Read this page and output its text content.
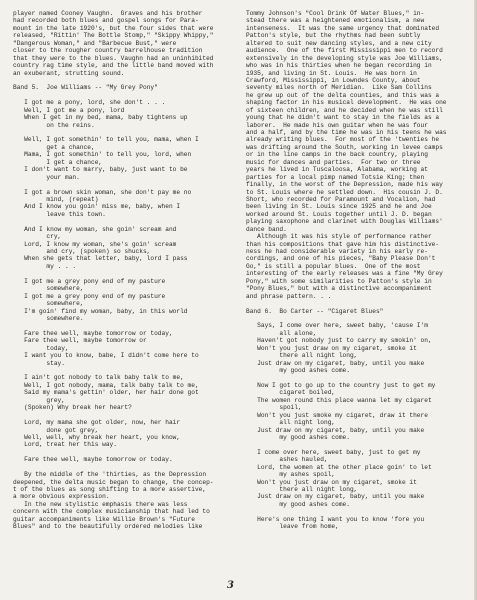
player named Cooney Vaughn.  Graves and his brother
had recorded both blues and gospel songs for Para-
mount in the late 1920's, but the four sides that were
released, "Rittin' The Bottle Stomp," "Skippy Whippy,"
"Dangerous Woman," and "Barbecue Bust," were
closer to the rougher country barrelhouse tradition
that they were to the blues. Vaughn had an uninhibited
country rag time style, and the little band moved with
an exuberant, strutting sound.

Band 5.  Joe Williams -- "My Grey Pony"

I got me a pony, lord, she don't . . .
Well, I got me a pony, lord
When I get in my bed, mama, baby tightens up
on the reins.

Well, I got somethin' to tell you, mama, when I
get a chance,
Mama, I got somethin' to tell you, lord, when
I get a chance,
I don't want to marry, baby, just want to be
your man.

I got a brown skin woman, she don't pay me no
mind, (repeat)
And I know you goin' miss me, baby, when I
leave this town.

And I know my woman, she goin' scream and
cry,
Lord, I know my woman, she's goin' scream
and cry, (spoken) so shucks,
When she gets that letter, baby, lord I pass
my . . .

I got me a grey pony end of my pasture
somewhere,
I got me a grey pony end of my pasture
somewhere,
I'm goin' find my woman, baby, in this world
somewhere.

Fare thee well, maybe tomorrow or today,
Fare thee well, maybe tomorrow or
today,
I want you to know, babe, I didn't come here to
stay.

I ain't got nobody to talk baby talk to me,
Well, I got nobody, mama, talk baby talk to me,
Said my mama's gettin' older, her hair done got
grey,
(Spoken) Why break her heart?

Lord, my mama she got older, now, her hair
done got grey,
Well, well, why break her heart, you know,
Lord, treat her this way.

Fare thee well, maybe tomorrow or today.

By the middle of the 'thirties, as the Depression
deepened, the delta music began to change, the concep-
t of the blues as song shifting to a more assertive,
a more obvious expression.
In the new stylistic emphasis there was less
concern with the complex musicianship that had led to
guitar accompaniments like Willie Brown's "Future
Blues" and to the beautifully ordered melodies like
Tommy Johnson's "Cool Drink Of Water Blues," in-
stead there was a heightened emotionalism, a new
intenseness.  It was the same urgency that dominated
Patton's style, but the rhythms had been subtly
altered to suit new dancing styles, and a new city
audience.  One of the first Mississippi men to record
extensively in the developing style was Joe Williams,
who was in his thirties when he began recording in
1935, and living in St. Louis.  He was born in
Crawford, Mississippi, in Lowndes County, about
seventy miles north of Meridian.  Like Sam Collins
he grew up out of the delta counties, and this was a
shaping factor in his musical development.  He was one
of sixteen children, and he decided when he was still
young that he didn't want to stay in the fields as a
laborer.  He made his own guitar when he was four
and a half, and by the time he was in his teens he was
already writing blues.  For most of the 'twenties he
was drifting around the South, working in levee camps
or in the line camps in the back country, playing
music for dances and parties.  For two or three
years he lived in Tuscaloosa, Alabama, working at
parties for a local pimp named Totsie King; then
finally, in the worst of the Depression, made his way
to St. Louis where he settled down.  His cousin J. D.
Short, who recorded for Paramount and Vocalion, had
been living in St. Louis since 1925 and he and Joe
worked around St. Louis together until J. D. began
playing saxophone and clarinet with Douglas Williams'
dance band.
Although it was his style of performance rather
than his compositions that gave him his distinctive-
ness he had considerable variety in his early re-
cordings, and one of his pieces, "Baby Please Don't
Go," is still a popular blues.  One of the most
interesting of the early releases was a fine "My Grey
Pony," with some similarities to Patton's style in
"Pony Blues," but with a distinctive accompaniment
and phrase pattern. . .

Band 6.  Bo Carter -- "Cigaret Blues"

Says, I come over here, sweet baby, 'cause I'm
all alone,
Haven't got nobody just to carry my smokin' on,
Won't you just draw on my cigaret, smoke it
there all night long,
Just draw on my cigaret, baby, until you make
my good ashes come.

Now I got to go up to the country just to get my
cigaret boiled,
The women round this place wanna let my cigaret
spoil,
Won't you just smoke my cigaret, draw it there
all night long,
Just draw on my cigaret, baby, until you make
my good ashes come.

I come over here, sweet baby, just to get my
ashes hauled,
Lord, the women at the other place goin' to let
my ashes spoil,
Won't you just draw on my cigaret, smoke it
there all night long,
Just draw on my cigaret, baby, until you make
my good ashes come.

Here's one thing I want you to know 'fore you
leave from home,
3
